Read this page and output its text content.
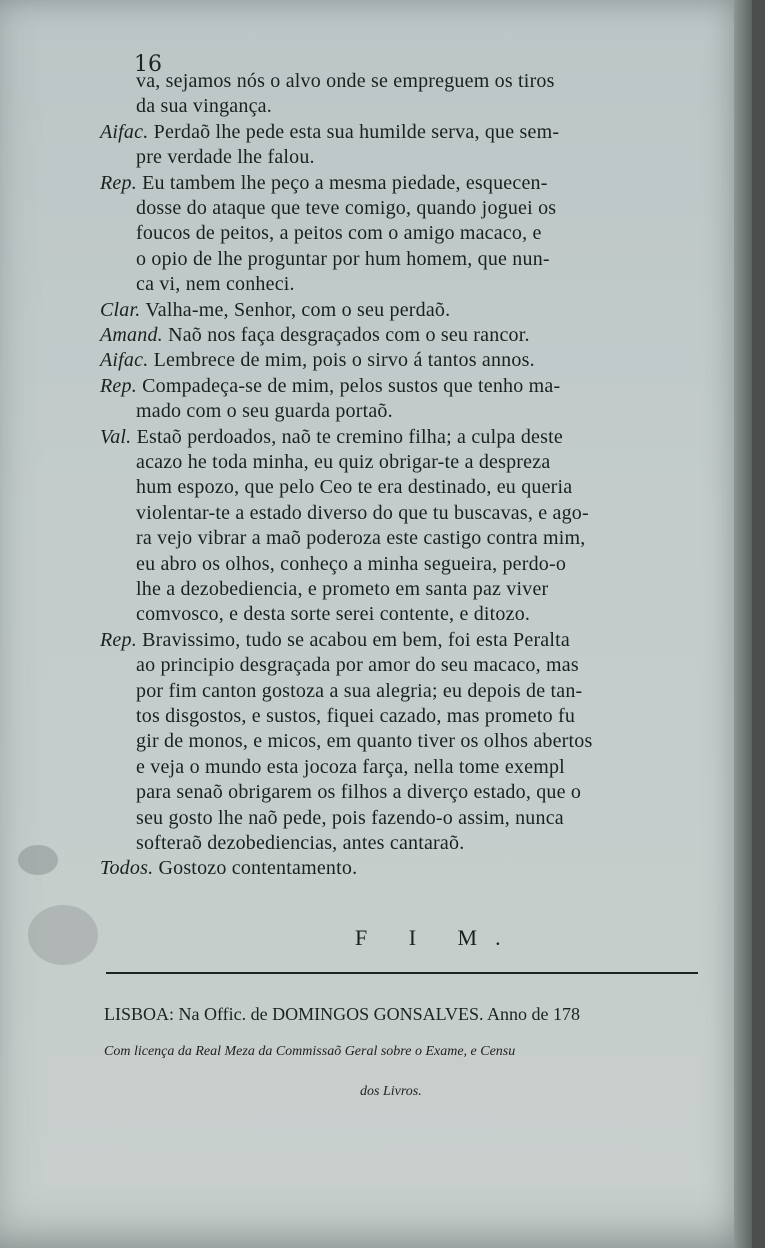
16
va, sejamos nós o alvo onde se empreguem os tiros
da sua vingança.
Aifac. Perdaõ lhe pede esta sua humilde serva, que sem-
pre verdade lhe falou.
Rep. Eu tambem lhe peço a mesma piedade, esquecen-
dosse do ataque que teve comigo, quando joguei os
foucos de peitos, a peitos com o amigo macaco, e
o opio de lhe proguntar por hum homem, que nun-
ca vi, nem conheci.
Clar. Valha-me, Senhor, com o seu perdaõ.
Amand. Naõ nos faça desgraçados com o seu rancor.
Aifac. Lembrece de mim, pois o sirvo á tantos annos.
Rep. Compadeça-se de mim, pelos sustos que tenho ma-
mado com o seu guarda portaõ.
Val. Estaõ perdoados, naõ te cremino filha; a culpa deste
acazo he toda minha, eu quiz obrigar-te a despreza
hum espozo, que pelo Ceo te era destinado, eu queria
violentar-te a estado diverso do que tu buscavas, e ago-
ra vejo vibrar a maõ poderoza este castigo contra mim,
eu abro os olhos, conheço a minha segueira, perdo-o
lhe a dezobediencia, e prometo em santa paz viver
comvosco, e desta sorte serei contente, e ditozo.
Rep. Bravissimo, tudo se acabou em bem, foi esta Peralta
ao principio desgraçada por amor do seu macaco, mas
por fim canton gostoza a sua alegria; eu depois de tan-
tos disgostos, e sustos, fiquei cazado, mas prometo fu
gir de monos, e micos, em quanto tiver os olhos abertos
e veja o mundo esta jocoza farça, nella tome exempl
para senaõ obrigarem os filhos a diverço estado, que o
seu gosto lhe naõ pede, pois fazendo-o assim, nunca
softeraõ dezobediencias, antes cantaraõ.
Todos. Gostozo contentamento.
F I M.
LISBOA: Na Offic. de DOMINGOS GONSALVES. Anno de 178
Com licença da Real Meza da Commissaõ Geral sobre o Exame, e Censu
dos Livros.
